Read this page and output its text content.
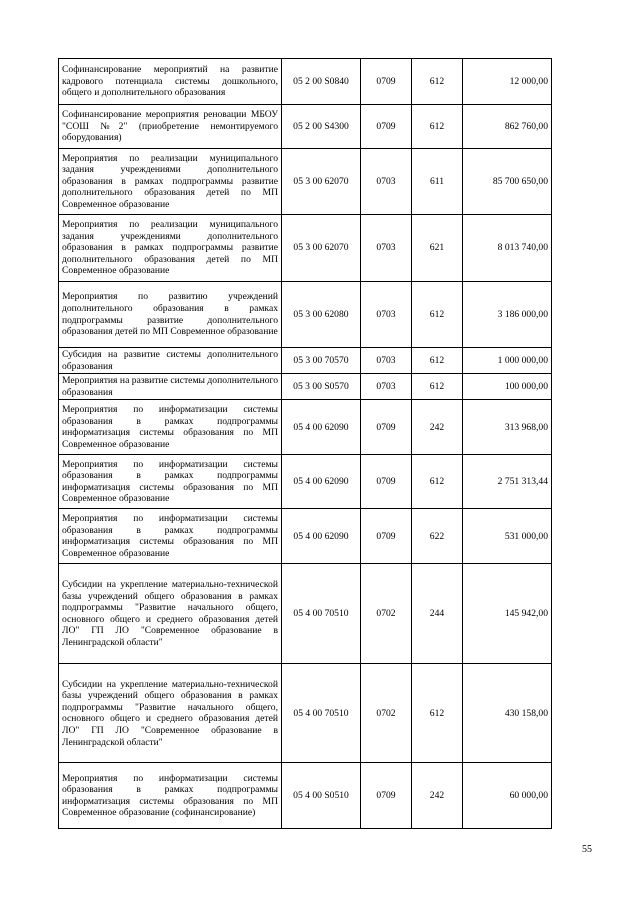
Софинансирование мероприятий на развитие кадрового потенциала системы дошкольного, общего и дополнительного образования	05 2 00 S0840	0709	612	12 000,00
Софинансирование мероприятия реновации МБОУ "СОШ №2" (приобретение немонтируемого оборудования)	05 2 00 S4300	0709	612	862 760,00
Мероприятия по реализации муниципального задания учреждениями дополнительного образования в рамках подпрограммы развитие дополнительного образования детей по МП Современное образование	05 3 00 62070	0703	611	85 700 650,00
Мероприятия по реализации муниципального задания учреждениями дополнительного образования в рамках подпрограммы развитие дополнительного образования детей по МП Современное образование	05 3 00 62070	0703	621	8 013 740,00
Мероприятия по развитию учреждений дополнительного образования в рамках подпрограммы развитие дополнительного образования детей по МП Современное образование	05 3 00 62080	0703	612	3 186 000,00
Субсидия на развитие системы дополнительного образования	05 3 00 70570	0703	612	1 000 000,00
Мероприятия на развитие системы дополнительного образования	05 3 00 S0570	0703	612	100 000,00
Мероприятия по информатизации системы образования в рамках подпрограммы информатизация системы образования по МП Современное образование	05 4 00 62090	0709	242	313 968,00
Мероприятия по информатизации системы образования в рамках подпрограммы информатизация системы образования по МП Современное образование	05 4 00 62090	0709	612	2 751 313,44
Мероприятия по информатизации системы образования в рамках подпрограммы информатизация системы образования по МП Современное образование	05 4 00 62090	0709	622	531 000,00
Субсидии на укрепление материально-технической базы учреждений общего образования в рамках подпрограммы "Развитие начального общего, основного общего и среднего образования детей ЛО" ГП ЛО "Современное образование в Ленинградской области"	05 4 00 70510	0702	244	145 942,00
Субсидии на укрепление материально-технической базы учреждений общего образования в рамках подпрограммы "Развитие начального общего, основного общего и среднего образования детей ЛО" ГП ЛО "Современное образование в Ленинградской области"	05 4 00 70510	0702	612	430 158,00
Мероприятия по информатизации системы образования в рамках подпрограммы информатизация системы образования по МП Современное образование (софинансирование)	05 4 00 S0510	0709	242	60 000,00
55
